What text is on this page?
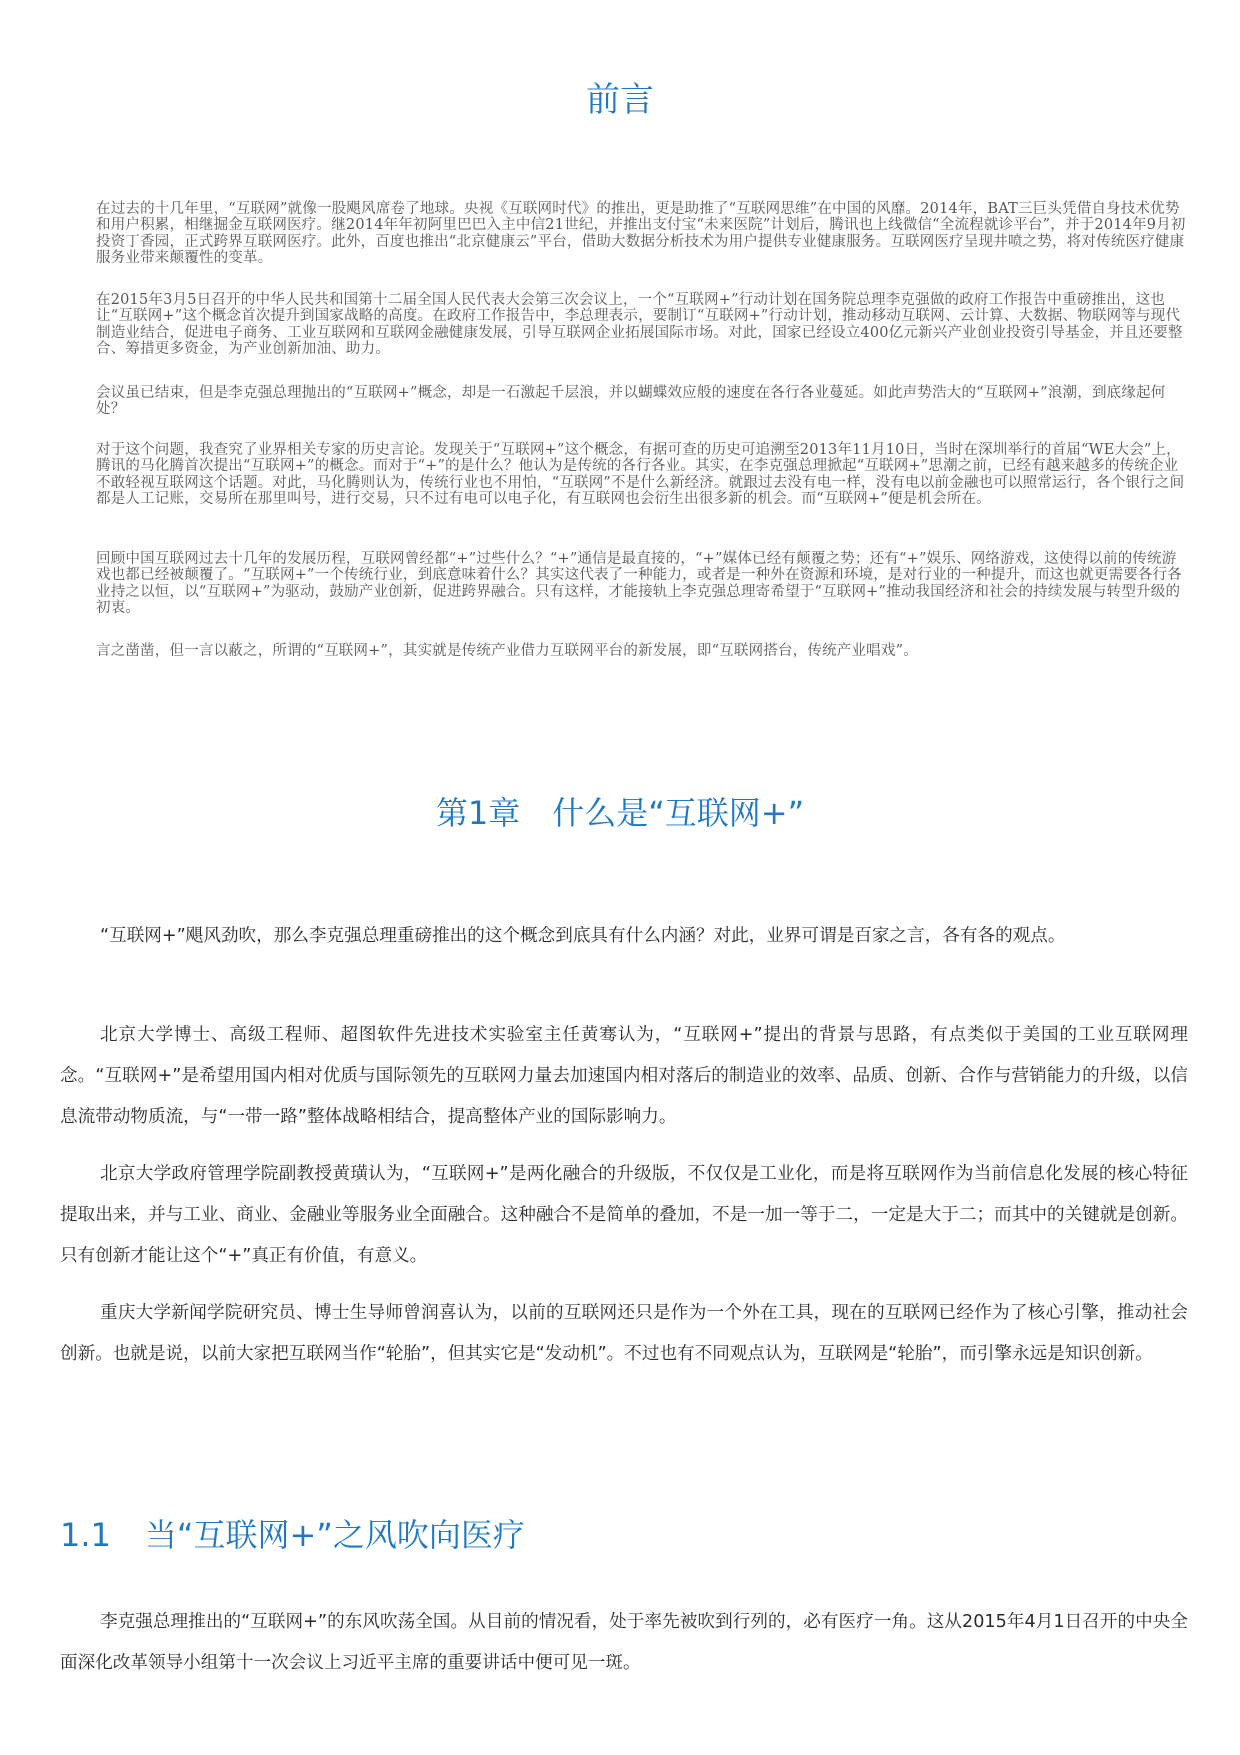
前言

在过去的十几年里，“互联网”就像一股飓风席卷了地球。央视《互联网时代》的推出，更是助推了“互联网思维”在中国的风靡。2014年，BAT三巨头凭借自身技术优势和用户积累，相继掘金互联网医疗。继2014年年初阿里巴巴入主中信21世纪，并推出支付宝“未来医院”计划后，腾讯也上线微信“全流程就诊平台”，并于2014年9月初投资丁香园，正式跨界互联网医疗。此外，百度也推出“北京健康云”平台，借助大数据分析技术为用户提供专业健康服务。互联网医疗呈现井喷之势，将对传统医疗健康服务业带来颠覆性的变革。

在2015年3月5日召开的中华人民共和国第十二届全国人民代表大会第三次会议上，一个“互联网+”行动计划在国务院总理李克强做的政府工作报告中重磅推出，这也让“互联网+”这个概念首次提升到国家战略的高度。在政府工作报告中，李总理表示，要制订“互联网+”行动计划，推动移动互联网、云计算、大数据、物联网等与现代制造业结合，促进电子商务、工业互联网和互联网金融健康发展，引导互联网企业拓展国际市场。对此，国家已经设立400亿元新兴产业创业投资引导基金，并且还要整合、筹措更多资金，为产业创新加油、助力。

会议虽已结束，但是李克强总理抛出的“互联网+”概念，却是一石激起千层浪，并以蝴蝶效应般的速度在各行各业蔓延。如此声势浩大的“互联网+”浪潮，到底缘起何处？

对于这个问题，我查究了业界相关专家的历史言论。发现关于“互联网+”这个概念，有据可查的历史可追溯至2013年11月10日，当时在深圳举行的首届“WE大会”上，腾讯的马化腾首次提出“互联网+”的概念。而对于“+”的是什么？他认为是传统的各行各业。其实，在李克强总理掀起“互联网+”思潮之前，已经有越来越多的传统企业不敢轻视互联网这个话题。对此，马化腾则认为，传统行业也不用怕，“互联网”不是什么新经济。就跟过去没有电一样，没有电以前金融也可以照常运行，各个银行之间都是人工记账，交易所在那里叫号，进行交易，只不过有电可以电子化，有互联网也会衍生出很多新的机会。而“互联网+”便是机会所在。

回顾中国互联网过去十几年的发展历程，互联网曾经都“+”过些什么？“+”通信是最直接的，“+”媒体已经有颠覆之势；还有“+”娱乐、网络游戏，这使得以前的传统游戏也都已经被颠覆了。“互联网+”一个传统行业，到底意味着什么？其实这代表了一种能力，或者是一种外在资源和环境，是对行业的一种提升，而这也就更需要各行各业持之以恒，以“互联网+”为驱动，鼓励产业创新，促进跨界融合。只有这样，才能接轨上李克强总理寄希望于“互联网+”推动我国经济和社会的持续发展与转型升级的初衷。

言之凿凿，但一言以蔽之，所谓的“互联网+”，其实就是传统产业借力互联网平台的新发展，即“互联网搭台，传统产业唱戏”。

第1章　什么是“互联网+”

“互联网+”飓风劲吹，那么李克强总理重磅推出的这个概念到底具有什么内涵？对此，业界可谓是百家之言，各有各的观点。

北京大学博士、高级工程师、超图软件先进技术实验室主任黄骞认为，“互联网+”提出的背景与思路，有点类似于美国的工业互联网理念。“互联网+”是希望用国内相对优质与国际领先的互联网力量去加速国内相对落后的制造业的效率、品质、创新、合作与营销能力的升级，以信息流带动物质流，与“一带一路”整体战略相结合，提高整体产业的国际影响力。

北京大学政府管理学院副教授黄璜认为，“互联网+”是两化融合的升级版，不仅仅是工业化，而是将互联网作为当前信息化发展的核心特征提取出来，并与工业、商业、金融业等服务业全面融合。这种融合不是简单的叠加，不是一加一等于二，一定是大于二；而其中的关键就是创新。只有创新才能让这个“+”真正有价值，有意义。

重庆大学新闻学院研究员、博士生导师曾润喜认为，以前的互联网还只是作为一个外在工具，现在的互联网已经作为了核心引擎，推动社会创新。也就是说，以前大家把互联网当作“轮胎”，但其实它是“发动机”。不过也有不同观点认为，互联网是“轮胎”，而引擎永远是知识创新。

1.1 当“互联网+”之风吹向医疗

李克强总理推出的“互联网+”的东风吹荡全国。从目前的情况看，处于率先被吹到行列的，必有医疗一角。这从2015年4月1日召开的中央全面深化改革领导小组第十一次会议上习近平主席的重要讲话中便可见一斑。
